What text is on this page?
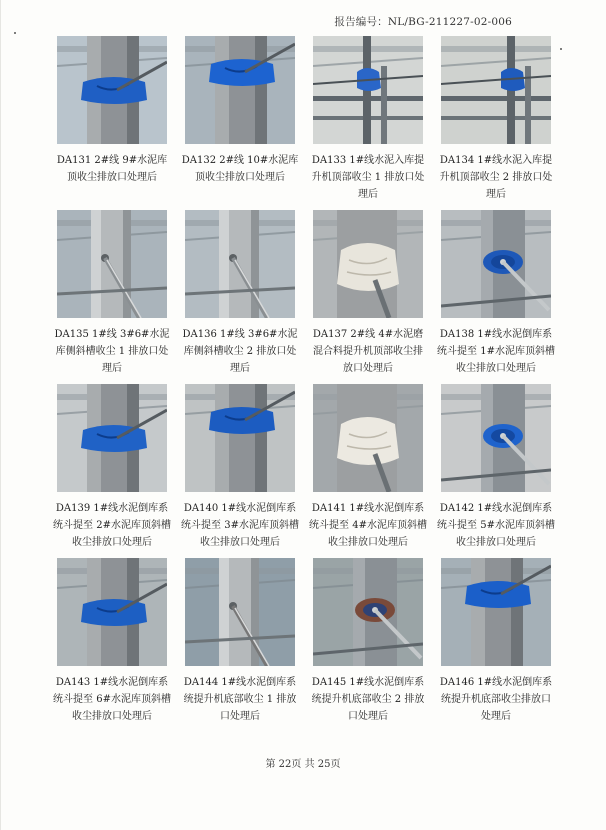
报告编号：NL/BG-211227-02-006
DA131 2#线 9#水泥库顶收尘排放口处理后
DA132 2#线 10#水泥库顶收尘排放口处理后
DA133 1#线水泥入库提升机顶部收尘 1 排放口处理后
DA134 1#线水泥入库提升机顶部收尘 2 排放口处理后
DA135 1#线 3#6#水泥库侧斜槽收尘 1 排放口处理后
DA136 1#线 3#6#水泥库侧斜槽收尘 2 排放口处理后
DA137 2#线 4#水泥磨混合料提升机顶部收尘排放口处理后
DA138 1#线水泥倒库系统斗提至 1#水泥库顶斜槽收尘排放口处理后
DA139 1#线水泥倒库系统斗提至 2#水泥库顶斜槽收尘排放口处理后
DA140 1#线水泥倒库系统斗提至 3#水泥库顶斜槽收尘排放口处理后
DA141 1#线水泥倒库系统斗提至 4#水泥库顶斜槽收尘排放口处理后
DA142 1#线水泥倒库系统斗提至 5#水泥库顶斜槽收尘排放口处理后
DA143 1#线水泥倒库系统斗提至 6#水泥库顶斜槽收尘排放口处理后
DA144 1#线水泥倒库系统提升机底部收尘 1 排放口处理后
DA145 1#线水泥倒库系统提升机底部收尘 2 排放口处理后
DA146 1#线水泥倒库系统提升机底部收尘排放口处理后
第 22页 共 25页
